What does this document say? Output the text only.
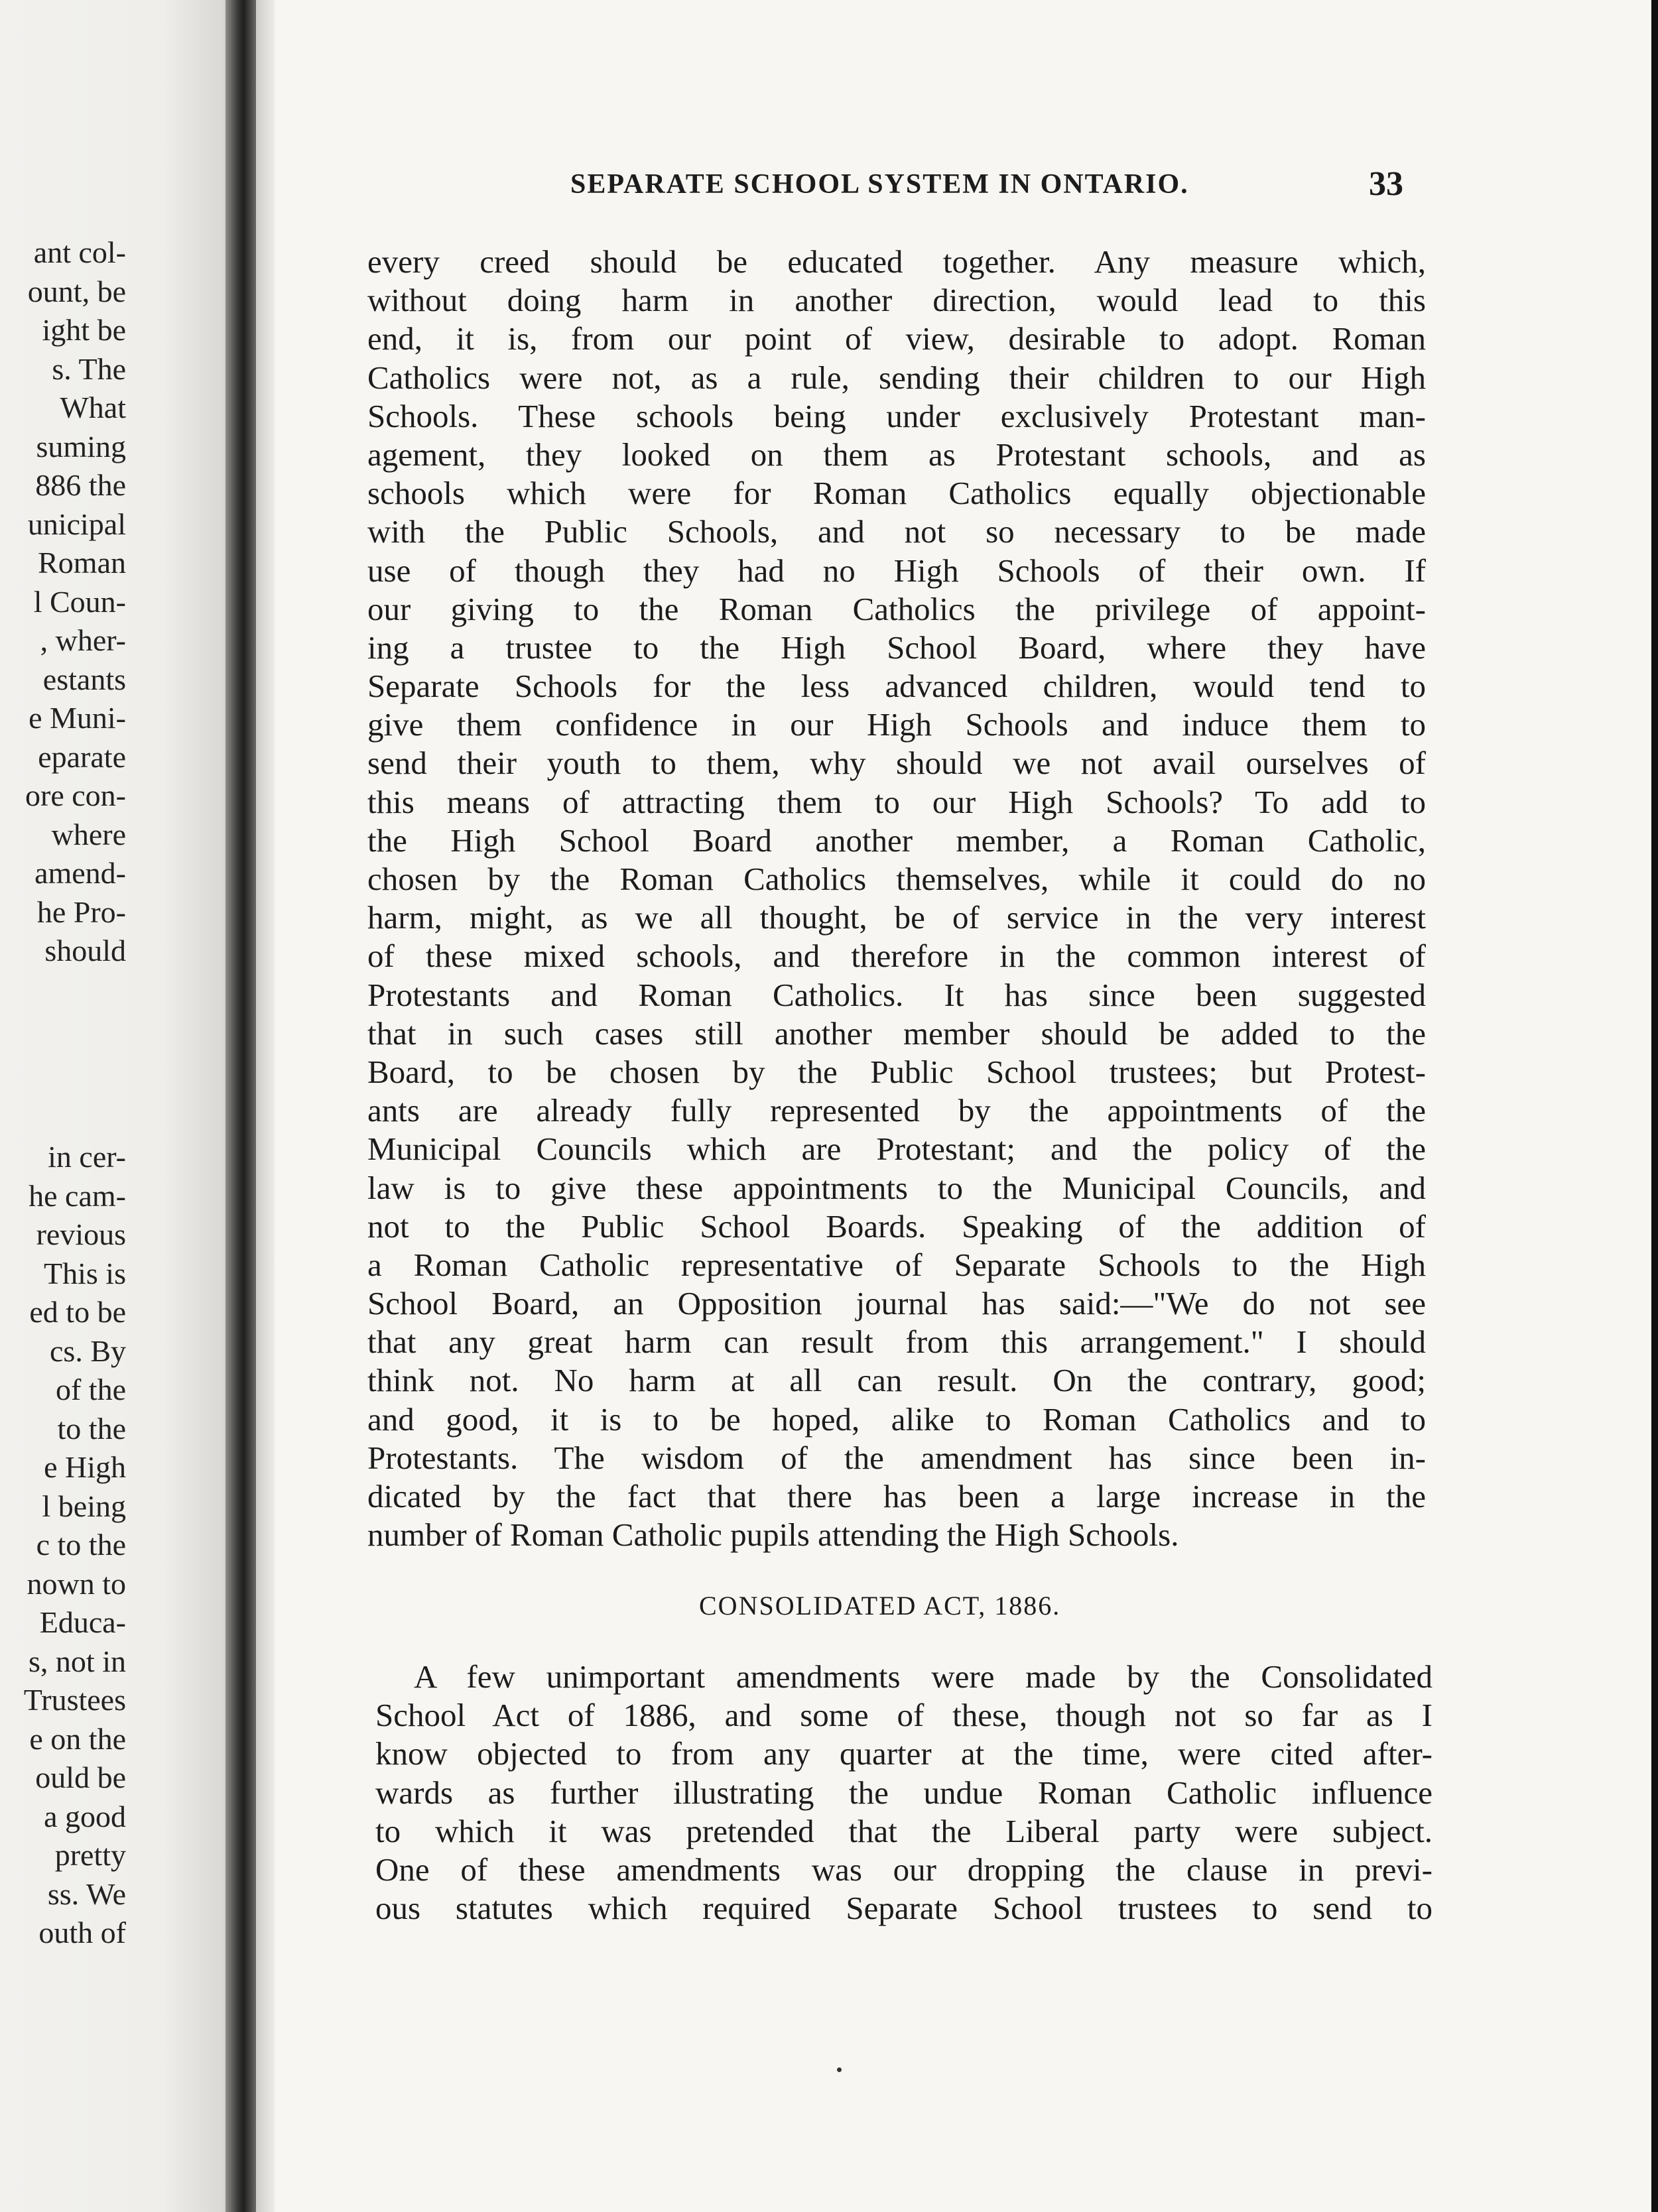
ant col-
ount, be
ight be
s. The
What
suming
886 the
unicipal
Roman
l Coun-
, wher-
estants
e Muni-
eparate
ore con-
where
amend-
he Pro-
should
in cer-
he cam-
revious
This is
ed to be
cs. By
of the
to the
e High
l being
c to the
nown to
Educa-
s, not in
Trustees
e on the
ould be
a good
pretty
ss. We
outh of
SEPARATE SCHOOL SYSTEM IN ONTARIO.	33
every creed should be educated together. Any measure which,
without doing harm in another direction, would lead to this
end, it is, from our point of view, desirable to adopt. Roman
Catholics were not, as a rule, sending their children to our High
Schools. These schools being under exclusively Protestant man-
agement, they looked on them as Protestant schools, and as
schools which were for Roman Catholics equally objectionable
with the Public Schools, and not so necessary to be made
use of though they had no High Schools of their own. If
our giving to the Roman Catholics the privilege of appoint-
ing a trustee to the High School Board, where they have
Separate Schools for the less advanced children, would tend to
give them confidence in our High Schools and induce them to
send their youth to them, why should we not avail ourselves of
this means of attracting them to our High Schools? To add to
the High School Board another member, a Roman Catholic,
chosen by the Roman Catholics themselves, while it could do no
harm, might, as we all thought, be of service in the very interest
of these mixed schools, and therefore in the common interest of
Protestants and Roman Catholics. It has since been suggested
that in such cases still another member should be added to the
Board, to be chosen by the Public School trustees; but Protest-
ants are already fully represented by the appointments of the
Municipal Councils which are Protestant; and the policy of the
law is to give these appointments to the Municipal Councils, and
not to the Public School Boards. Speaking of the addition of
a Roman Catholic representative of Separate Schools to the High
School Board, an Opposition journal has said:—"We do not see
that any great harm can result from this arrangement." I should
think not. No harm at all can result. On the contrary, good;
and good, it is to be hoped, alike to Roman Catholics and to
Protestants. The wisdom of the amendment has since been in-
dicated by the fact that there has been a large increase in the
number of Roman Catholic pupils attending the High Schools.
CONSOLIDATED ACT, 1886.
A few unimportant amendments were made by the Consolidated
School Act of 1886, and some of these, though not so far as I
know objected to from any quarter at the time, were cited after-
wards as further illustrating the undue Roman Catholic influence
to which it was pretended that the Liberal party were subject.
One of these amendments was our dropping the clause in previ-
ous statutes which required Separate School trustees to send to
